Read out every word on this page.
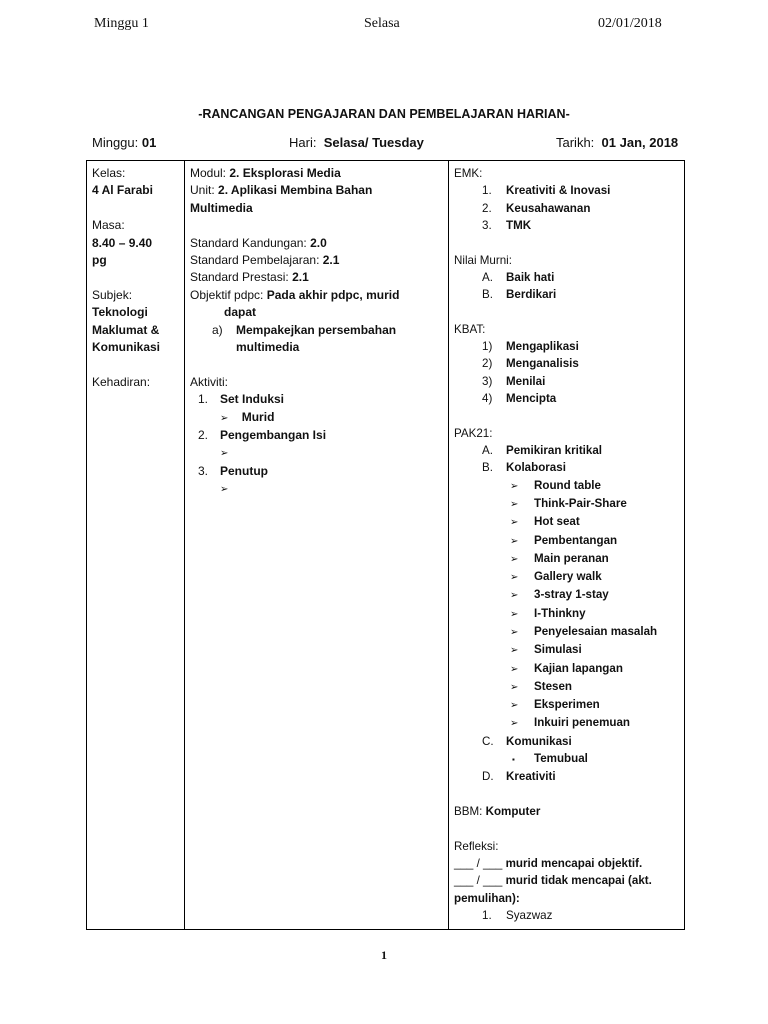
Minggu 1	Selasa	02/01/2018
-RANCANGAN PENGAJARAN DAN PEMBELAJARAN HARIAN-
Minggu: 01	Hari: Selasa/ Tuesday	Tarikh: 01 Jan, 2018
Kelas:
4 Al Farabi
Masa:
8.40 – 9.40
pg
Subjek:
Teknologi
Maklumat &
Komunikasi
Kehadiran:

Modul: 2. Eksplorasi Media
Unit: 2. Aplikasi Membina Bahan
Multimedia
Standard Kandungan: 2.0
Standard Pembelajaran: 2.1
Standard Prestasi: 2.1
Objektif pdpc: Pada akhir pdpc, murid
dapat
a) Mempakejkan persembahan
multimedia
Aktiviti:
1. Set Induksi
➢ Murid
2. Pengembangan Isi
➢
3. Penutup
➢

EMK:
1. Kreativiti & Inovasi
2. Keusahawanan
3. TMK
Nilai Murni:
A. Baik hati
B. Berdikari
KBAT:
1) Mengaplikasi
2) Menganalisis
3) Menilai
4) Mencipta
PAK21:
A. Pemikiran kritikal
B. Kolaborasi
➢ Round table
➢ Think-Pair-Share
➢ Hot seat
➢ Pembentangan
➢ Main peranan
➢ Gallery walk
➢ 3-stray 1-stay
➢ I-Thinkny
➢ Penyelesaian masalah
➢ Simulasi
➢ Kajian lapangan
➢ Stesen
➢ Eksperimen
➢ Inkuiri penemuan
C. Komunikasi
▪ Temubual
D. Kreativiti
BBM: Komputer
Refleksi:
___ / ___ murid mencapai objektif.
___ / ___ murid tidak mencapai (akt.
pemulihan):
1. Syazwaz
1
